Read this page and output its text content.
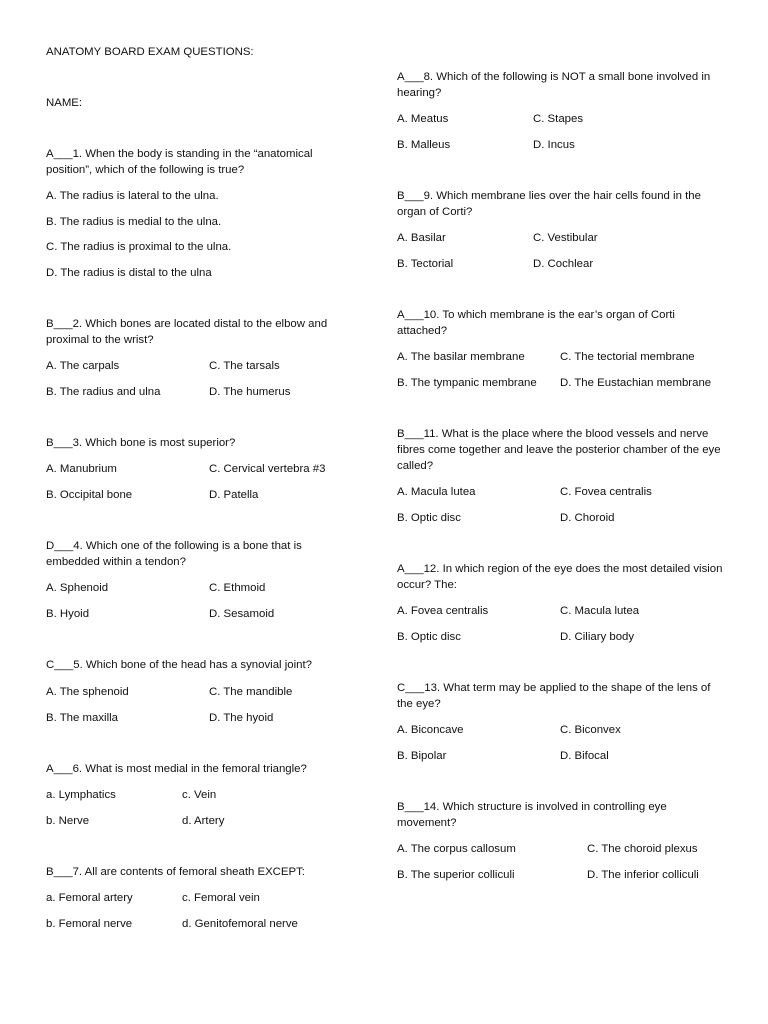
ANATOMY BOARD EXAM QUESTIONS:
NAME:
A___1. When the body is standing in the “anatomical position”, which of the following is true?
A. The radius is lateral to the ulna.
B. The radius is medial to the ulna.
C. The radius is proximal to the ulna.
D. The radius is distal to the ulna
B___2. Which bones are located distal to the elbow and proximal to the wrist?
A. The carpals	C. The tarsals
B. The radius and ulna	D. The humerus
B___3. Which bone is most superior?
A. Manubrium	C. Cervical vertebra #3
B. Occipital bone	D. Patella
D___4. Which one of the following is a bone that is embedded within a tendon?
A. Sphenoid	C. Ethmoid
B. Hyoid	D. Sesamoid
C___5. Which bone of the head has a synovial joint?
A. The sphenoid	C. The mandible
B. The maxilla	D. The hyoid
A___6. What is most medial in the femoral triangle?
a. Lymphatics	c. Vein
b. Nerve	d. Artery
B___7. All are contents of femoral sheath EXCEPT:
a. Femoral artery	c. Femoral vein
b. Femoral nerve	d. Genitofemoral nerve
A___8. Which of the following is NOT a small bone involved in hearing?
A. Meatus	C. Stapes
B. Malleus	D. Incus
B___9. Which membrane lies over the hair cells found in the organ of Corti?
A. Basilar	C. Vestibular
B. Tectorial	D. Cochlear
A___10. To which membrane is the ear’s organ of Corti attached?
A. The basilar membrane	C. The tectorial membrane
B. The tympanic membrane D. The Eustachian membrane
B___11. What is the place where the blood vessels and nerve fibres come together and leave the posterior chamber of the eye called?
A. Macula lutea	C. Fovea centralis
B. Optic disc	D. Choroid
A___12. In which region of the eye does the most detailed vision occur? The:
A. Fovea centralis	C. Macula lutea
B. Optic disc	D. Ciliary body
C___13. What term may be applied to the shape of the lens of the eye?
A. Biconcave	C. Biconvex
B. Bipolar	D. Bifocal
B___14. Which structure is involved in controlling eye movement?
A. The corpus callosum	C. The choroid plexus
B. The superior colliculi	D. The inferior colliculi
